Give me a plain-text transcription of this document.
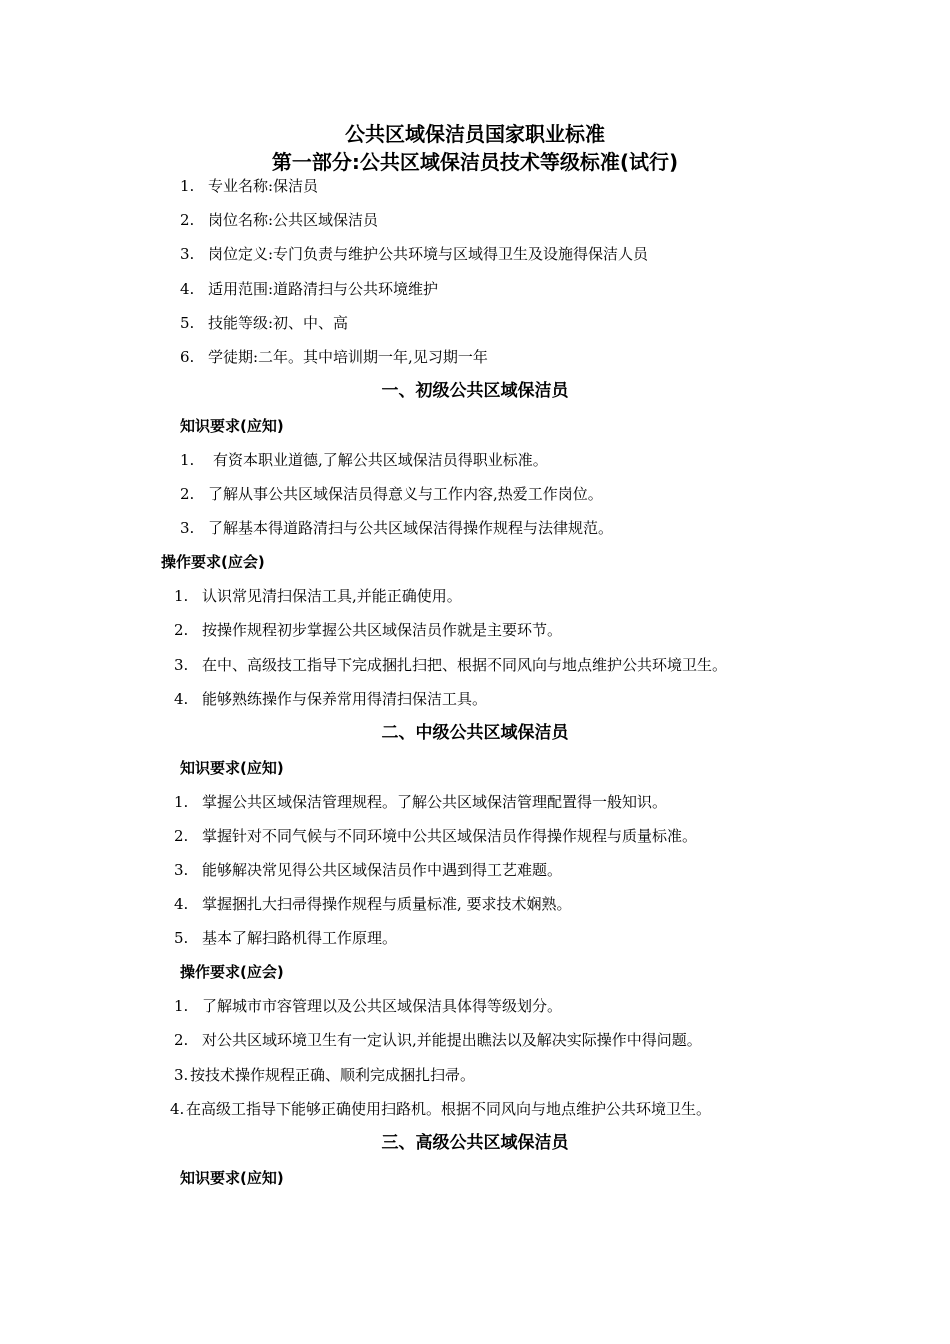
公共区域保洁员国家职业标准
第一部分:公共区域保洁员技术等级标准(试行)
1. 专业名称:保洁员
2. 岗位名称:公共区域保洁员
3. 岗位定义:专门负责与维护公共环境与区域得卫生及设施得保洁人员
4. 适用范围:道路清扫与公共环境维护
5. 技能等级:初、中、高
6. 学徒期:二年。其中培训期一年,见习期一年
一、初级公共区域保洁员
知识要求(应知)
1. 有资本职业道德,了解公共区域保洁员得职业标准。
2. 了解从事公共区域保洁员得意义与工作内容,热爱工作岗位。
3. 了解基本得道路清扫与公共区域保洁得操作规程与法律规范。
操作要求(应会)
1. 认识常见清扫保洁工具,并能正确使用。
2. 按操作规程初步掌握公共区域保洁员作就是主要环节。
3. 在中、高级技工指导下完成捆扎扫把、根据不同风向与地点维护公共环境卫生。
4. 能够熟练操作与保养常用得清扫保洁工具。
二、中级公共区域保洁员
知识要求(应知)
1. 掌握公共区域保洁管理规程。了解公共区域保洁管理配置得一般知识。
2. 掌握针对不同气候与不同环境中公共区域保洁员作得操作规程与质量标准。
3. 能够解决常见得公共区域保洁员作中遇到得工艺难题。
4. 掌握捆扎大扫帚得操作规程与质量标准, 要求技术娴熟。
5. 基本了解扫路机得工作原理。
操作要求(应会)
1. 了解城市市容管理以及公共区域保洁具体得等级划分。
2. 对公共区域环境卫生有一定认识,并能提出瞧法以及解决实际操作中得问题。
3. 按技术操作规程正确、顺利完成捆扎扫帚。
4. 在高级工指导下能够正确使用扫路机。根据不同风向与地点维护公共环境卫生。
三、高级公共区域保洁员
知识要求(应知)
